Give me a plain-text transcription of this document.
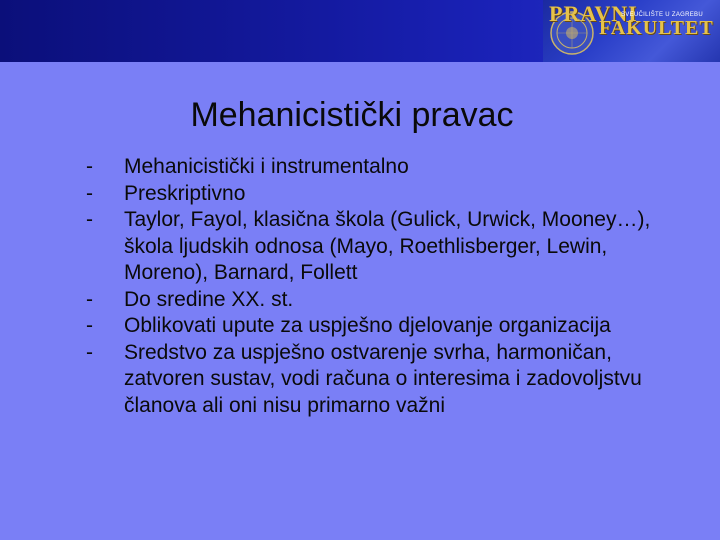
PRAVNI
SVEUČILIŠTE U ZAGREBU
FAKULTET
Mehanicistički pravac
-	Mehanicistički i instrumentalno
-	Preskriptivno
-	Taylor, Fayol, klasična škola (Gulick, Urwick, Mooney…), škola ljudskih odnosa (Mayo, Roethlisberger, Lewin, Moreno), Barnard, Follett
-	Do sredine XX. st.
-	Oblikovati upute za uspješno djelovanje organizacija
-	Sredstvo za uspješno ostvarenje svrha, harmoničan, zatvoren sustav, vodi računa o interesima i zadovoljstvu članova ali oni nisu primarno važni
